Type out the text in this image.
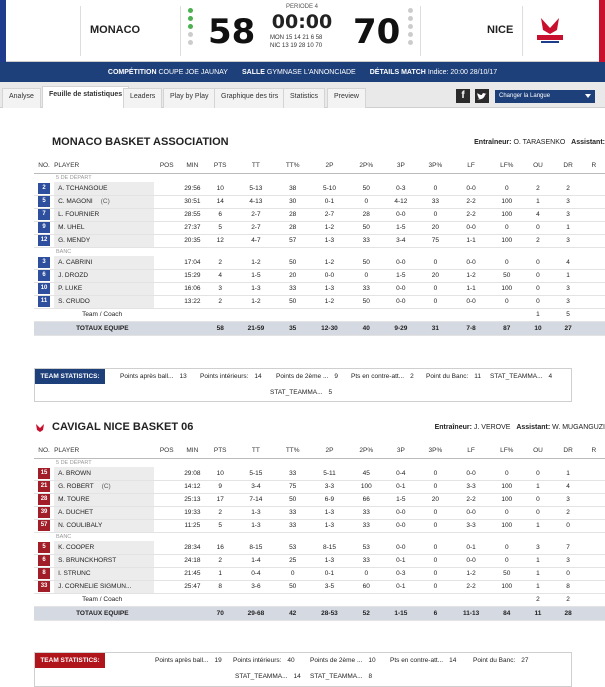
MONACO 58
PERIODE 4
00:00
MON 15 14 21 6 58
NIC 13 19 28 10 70 70	NICE
COMPÉTITION COUPE JOE JAUNAY SALLE GYMNASE L'ANNONCIADE DÉTAILS MATCH Indice: 20:00 28/10/17
Analyse	Feuille de statistiques	Leaders	Play by Play	Graphique des tirs	Statistics	Preview	f	Changer la Langue
MONACO BASKET ASSOCIATION	Entraîneur: O. TARASENKO Assistant:
NO.	PLAYER	POS	MIN	PTS	TT	TT%	2P	2P%	3P	3P%	LF	LF%	OU	DR	R
5 DE DÉPART															
2	A. TCHANGOUE		29:56	10	5-13	38	5-10	50	0-3	0	0-0	0	2	2	
5	C. MAGONI (C)		30:51	14	4-13	30	0-1	0	4-12	33	2-2	100	1	3	
7	L. FOURNIER		28:55	6	2-7	28	2-7	28	0-0	0	2-2	100	4	3	
9	M. UHEL		27:37	5	2-7	28	1-2	50	1-5	20	0-0	0	0	1	
12	G. MENDY		20:35	12	4-7	57	1-3	33	3-4	75	1-1	100	2	3	
BANC															
3	A. CABRINI		17:04	2	1-2	50	1-2	50	0-0	0	0-0	0	0	4	
6	J. DROZD		15:29	4	1-5	20	0-0	0	1-5	20	1-2	50	0	1	
10	P. LUKE		16:06	3	1-3	33	1-3	33	0-0	0	1-1	100	0	3	
11	S. CRUDO		13:22	2	1-2	50	1-2	50	0-0	0	0-0	0	0	3	
	Team / Coach												1	5	
	TOTAUX EQUIPE			58	21-59	35	12-30	40	9-29	31	7-8	87	10	27	
TEAM STATISTICS:	Points après ball... 13 Points intérieurs: 14 Points de 2ème ... 9 Pts en contre-att... 2 Point du Banc: 11 STAT_TEAMMA... 4
STAT_TEAMMA... 5
CAVIGAL NICE BASKET 06	Entraîneur: J. VEROVE Assistant: W. MUGANGUZI
NO.	PLAYER	POS	MIN	PTS	TT	TT%	2P	2P%	3P	3P%	LF	LF%	OU	DR	R
5 DE DÉPART															
15	A. BROWN		29:08	10	5-15	33	5-11	45	0-4	0	0-0	0	0	1	
21	G. ROBERT (C)		14:12	9	3-4	75	3-3	100	0-1	0	3-3	100	1	4	
28	M. TOURE		25:13	17	7-14	50	6-9	66	1-5	20	2-2	100	0	3	
39	A. DUCHET		19:33	2	1-3	33	1-3	33	0-0	0	0-0	0	0	2	
57	N. COULIBALY		11:25	5	1-3	33	1-3	33	0-0	0	3-3	100	1	0	
BANC															
5	K. COOPER		28:34	16	8-15	53	8-15	53	0-0	0	0-1	0	3	7	
6	S. BRUNCKHORST		24:18	2	1-4	25	1-3	33	0-1	0	0-0	0	1	3	
8	I. STRUNC		21:45	1	0-4	0	0-1	0	0-3	0	1-2	50	1	0	
33	J. CORNELIE SIGMUN...		25:47	8	3-6	50	3-5	60	0-1	0	2-2	100	1	8	
	Team / Coach												2	2	
	TOTAUX EQUIPE			70	29-68	42	28-53	52	1-15	6	11-13	84	11	28	
TEAM STATISTICS:	Points après ball... 19 Points intérieurs: 40 Points de 2ème ... 10 Pts en contre-att... 14	Point du Banc: 27
STAT_TEAMMA... 14 STAT_TEAMMA... 8
